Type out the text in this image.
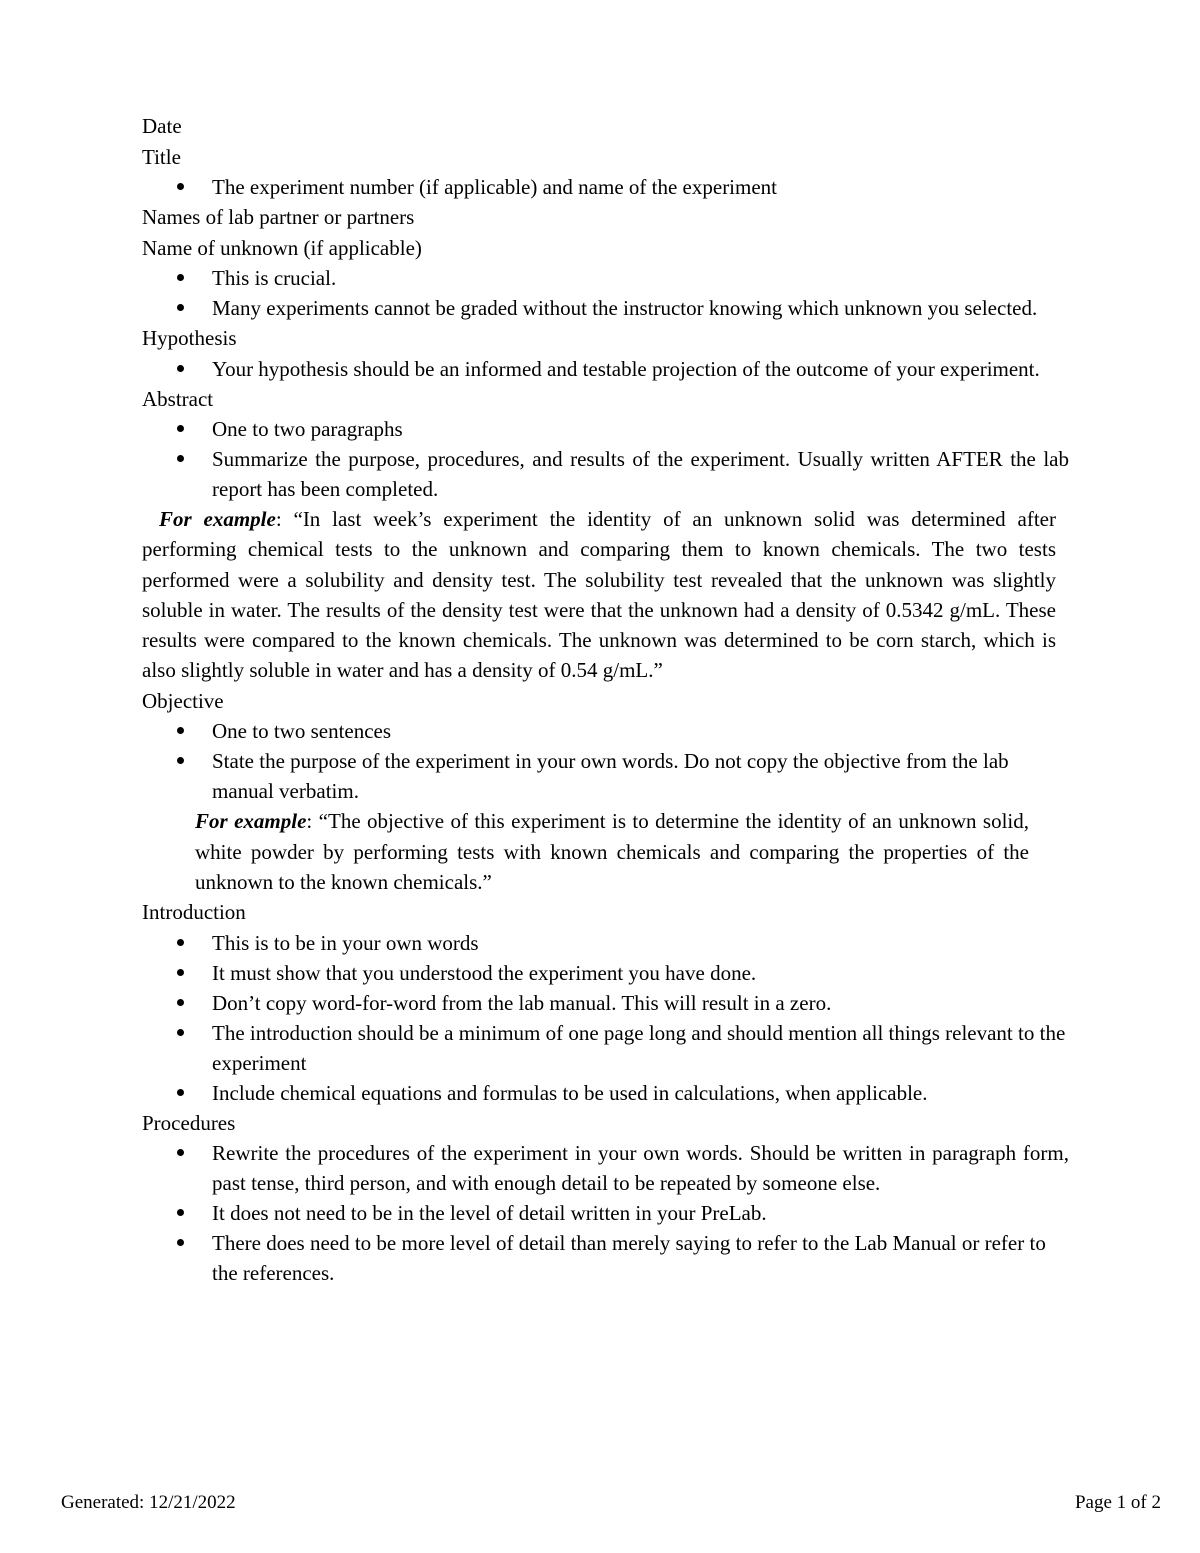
Date
Title
The experiment number (if applicable) and name of the experiment
Names of lab partner or partners
Name of unknown (if applicable)
This is crucial.
Many experiments cannot be graded without the instructor knowing which unknown you selected.
Hypothesis
Your hypothesis should be an informed and testable projection of the outcome of your experiment.
Abstract
One to two paragraphs
Summarize the purpose, procedures, and results of the experiment. Usually written AFTER the lab report has been completed.
For example: “In last week’s experiment the identity of an unknown solid was determined after performing chemical tests to the unknown and comparing them to known chemicals. The two tests performed were a solubility and density test. The solubility test revealed that the unknown was slightly soluble in water. The results of the density test were that the unknown had a density of 0.5342 g/mL. These results were compared to the known chemicals. The unknown was determined to be corn starch, which is also slightly soluble in water and has a density of 0.54 g/mL.”
Objective
One to two sentences
State the purpose of the experiment in your own words. Do not copy the objective from the lab manual verbatim.
For example: “The objective of this experiment is to determine the identity of an unknown solid, white powder by performing tests with known chemicals and comparing the properties of the unknown to the known chemicals.”
Introduction
This is to be in your own words
It must show that you understood the experiment you have done.
Don’t copy word-for-word from the lab manual. This will result in a zero.
The introduction should be a minimum of one page long and should mention all things relevant to the experiment
Include chemical equations and formulas to be used in calculations, when applicable.
Procedures
Rewrite the procedures of the experiment in your own words. Should be written in paragraph form, past tense, third person, and with enough detail to be repeated by someone else.
It does not need to be in the level of detail written in your PreLab.
There does need to be more level of detail than merely saying to refer to the Lab Manual or refer to the references.
Generated: 12/21/2022	Page 1 of 2
